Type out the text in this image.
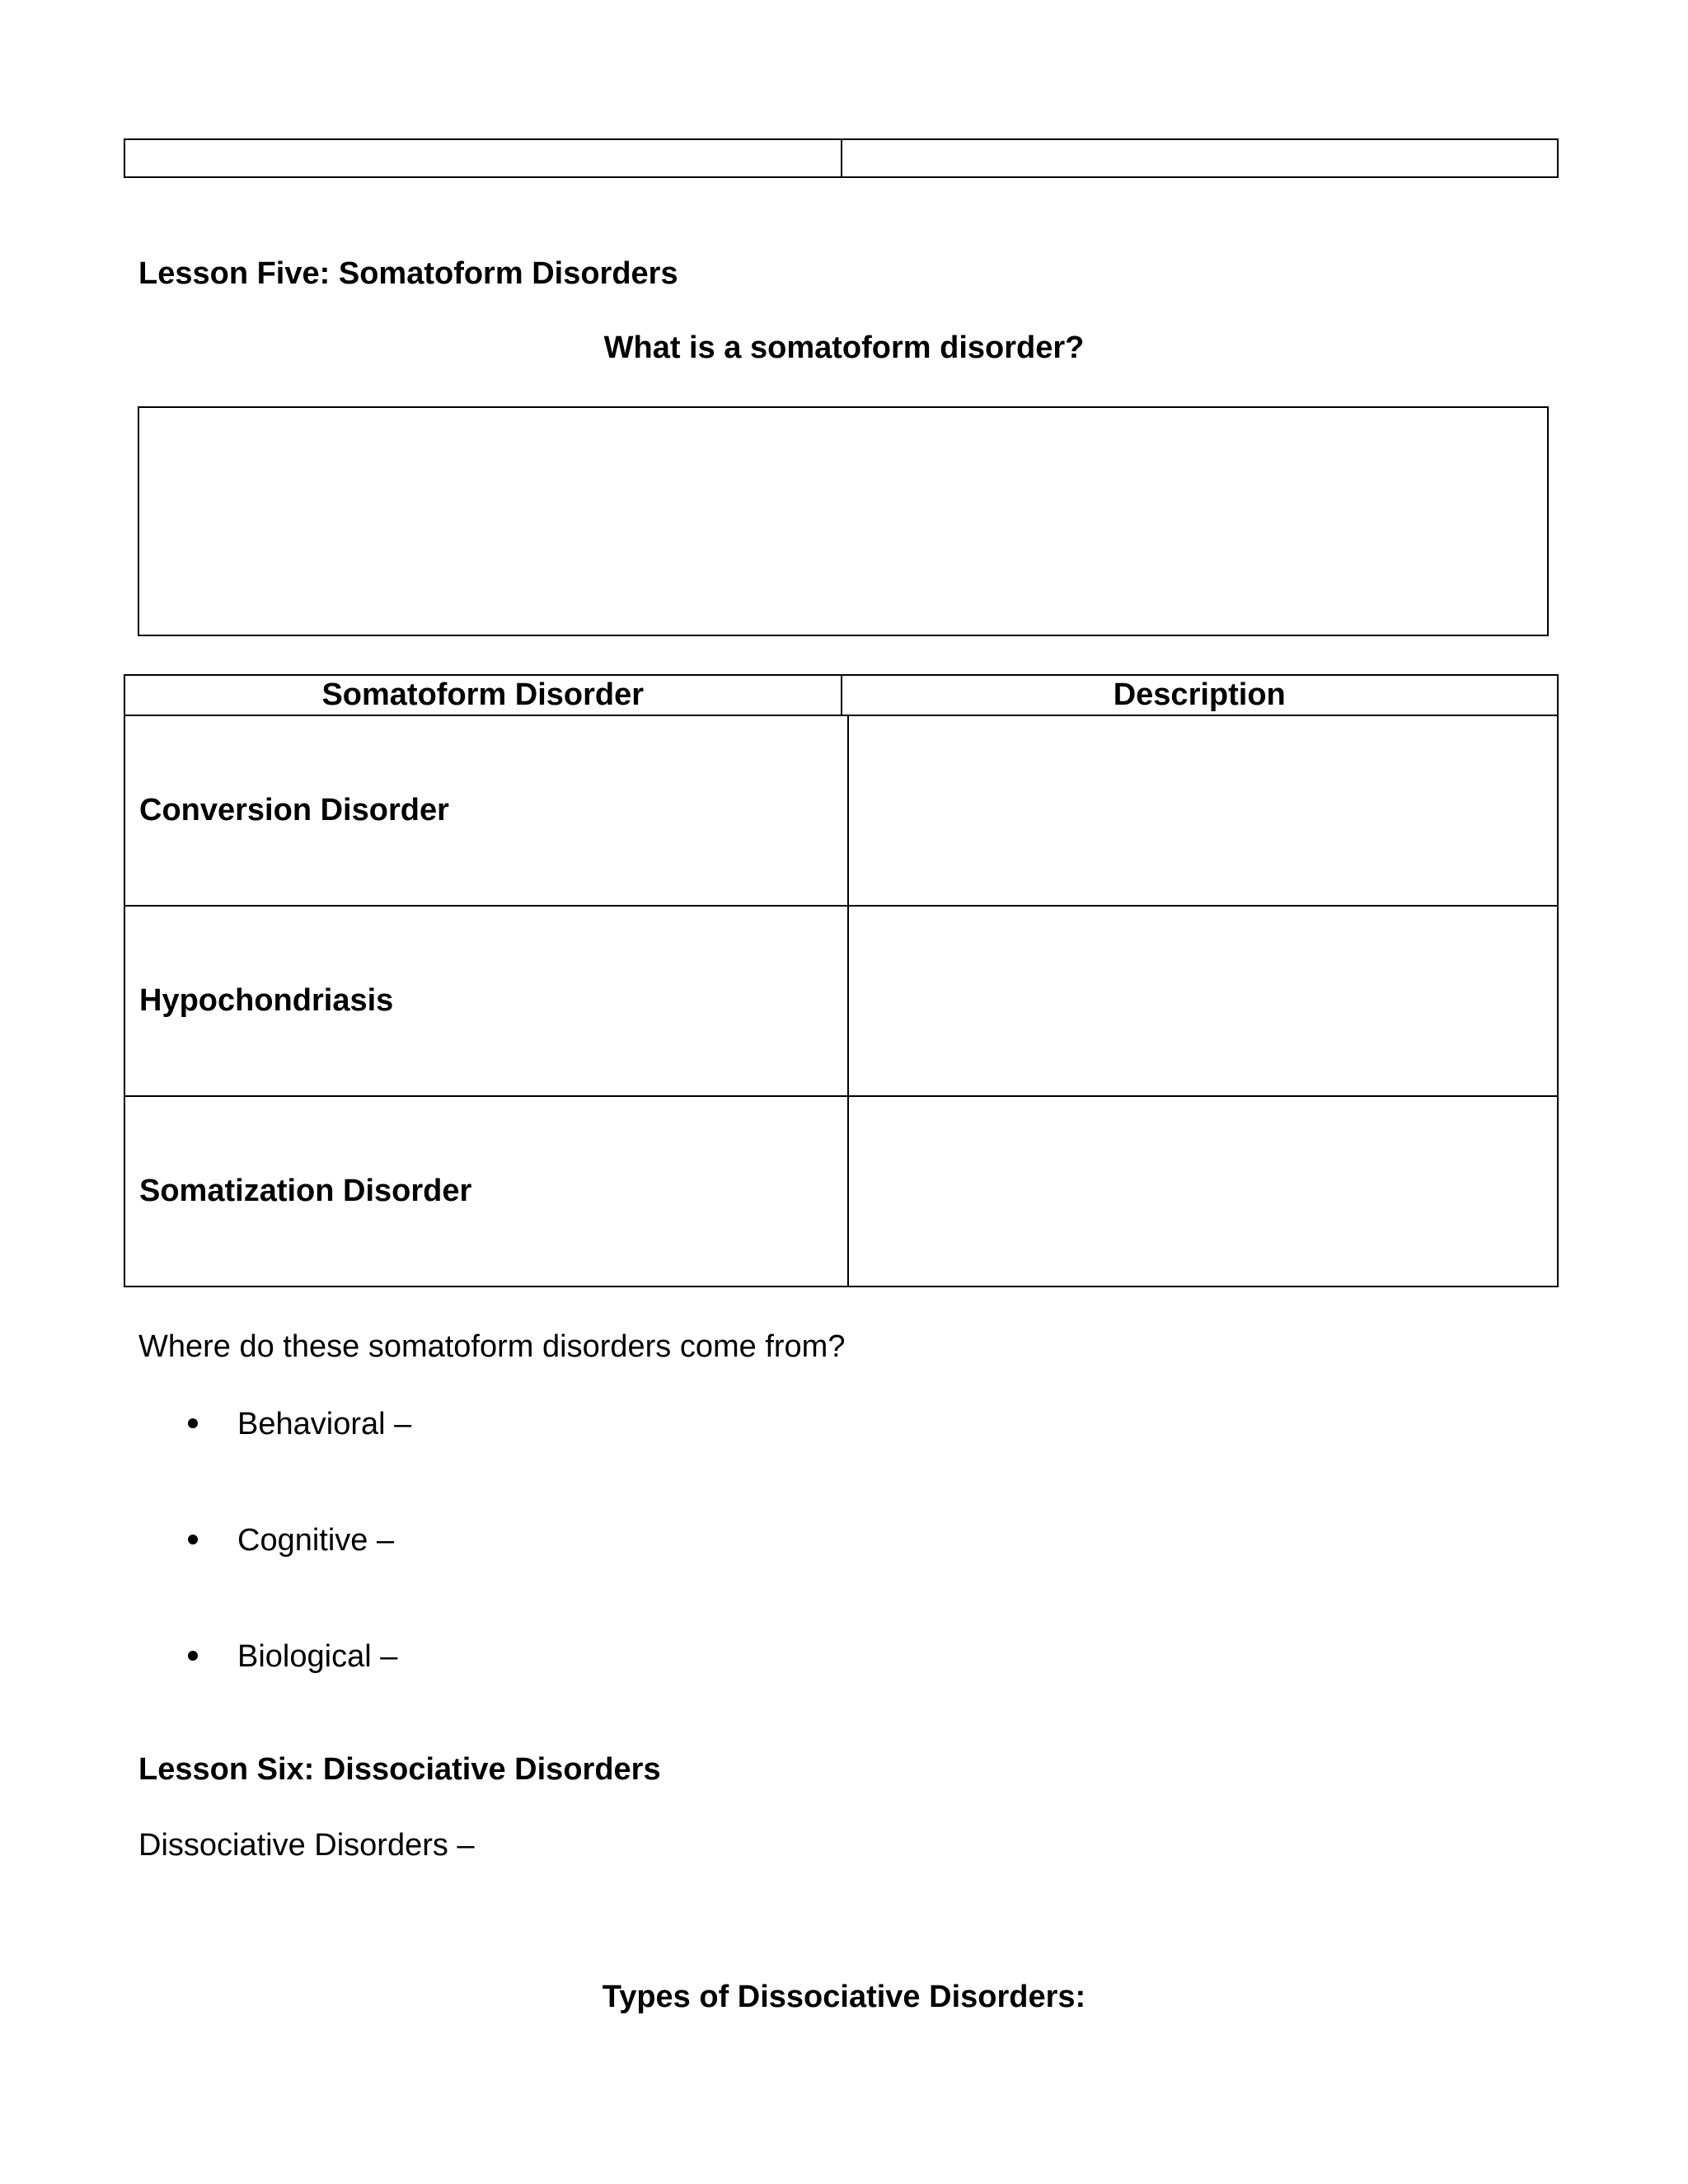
Lesson Five: Somatoform Disorders
What is a somatoform disorder?
Somatoform Disorder	Description
Conversion Disorder
Hypochondriasis
Somatization Disorder
Where do these somatoform disorders come from?
Behavioral –
Cognitive –
Biological –
Lesson Six: Dissociative Disorders
Dissociative Disorders –
Types of Dissociative Disorders:
